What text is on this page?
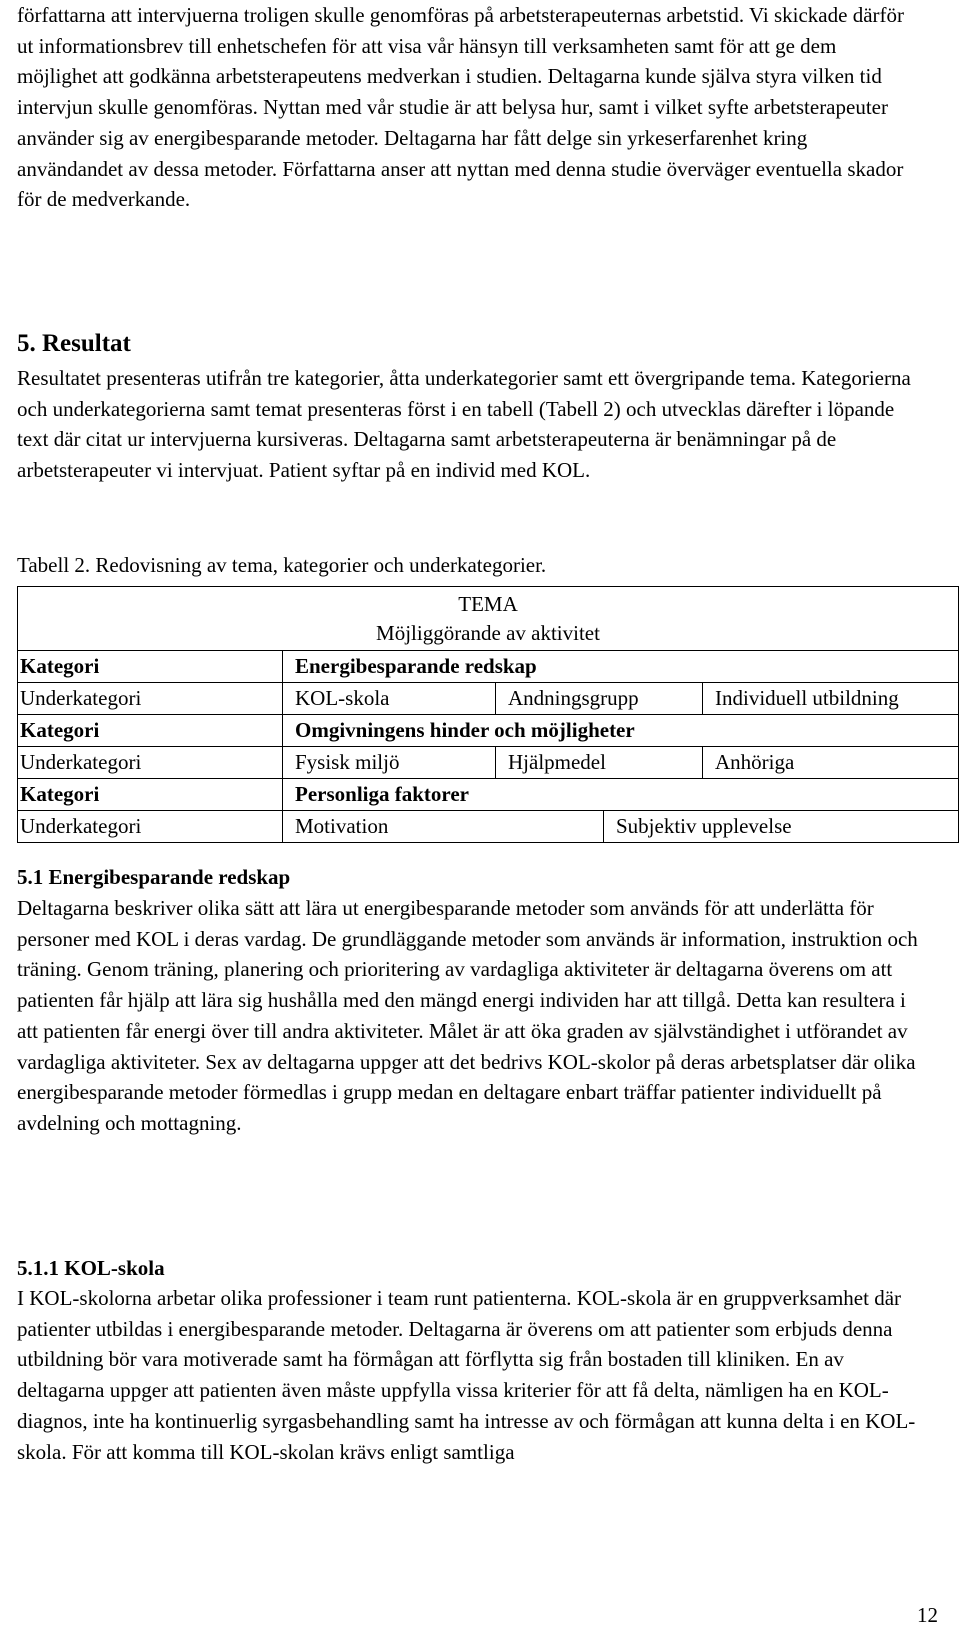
författarna att intervjuerna troligen skulle genomföras på arbetsterapeuternas arbetstid. Vi skickade därför ut informationsbrev till enhetschefen för att visa vår hänsyn till verksamheten samt för att ge dem möjlighet att godkänna arbetsterapeutens medverkan i studien. Deltagarna kunde själva styra vilken tid intervjun skulle genomföras. Nyttan med vår studie är att belysa hur, samt i vilket syfte arbetsterapeuter använder sig av energibesparande metoder. Deltagarna har fått delge sin yrkeserfarenhet kring användandet av dessa metoder. Författarna anser att nyttan med denna studie överväger eventuella skador för de medverkande.

5. Resultat

Resultatet presenteras utifrån tre kategorier, åtta underkategorier samt ett övergripande tema. Kategorierna och underkategorierna samt temat presenteras först i en tabell (Tabell 2) och utvecklas därefter i löpande text där citat ur intervjuerna kursiveras. Deltagarna samt arbetsterapeuterna är benämningar på de arbetsterapeuter vi intervjuat. Patient syftar på en individ med KOL.

Tabell 2. Redovisning av tema, kategorier och underkategorier.

TEMA
Möjliggörande av aktivitet
Kategori	Energibesparande redskap
Underkategori	KOL-skola	Andningsgrupp	Individuell utbildning
Kategori	Omgivningens hinder och möjligheter
Underkategori	Fysisk miljö	Hjälpmedel	Anhöriga
Kategori	Personliga faktorer
Underkategori	Motivation	Subjektiv upplevelse
5.1 Energibesparande redskap

Deltagarna beskriver olika sätt att lära ut energibesparande metoder som används för att underlätta för personer med KOL i deras vardag. De grundläggande metoder som används är information, instruktion och träning. Genom träning, planering och prioritering av vardagliga aktiviteter är deltagarna överens om att patienten får hjälp att lära sig hushålla med den mängd energi individen har att tillgå. Detta kan resultera i att patienten får energi över till andra aktiviteter. Målet är att öka graden av självständighet i utförandet av vardagliga aktiviteter. Sex av deltagarna uppger att det bedrivs KOL-skolor på deras arbetsplatser där olika energibesparande metoder förmedlas i grupp medan en deltagare enbart träffar patienter individuellt på avdelning och mottagning.

5.1.1 KOL-skola

I KOL-skolorna arbetar olika professioner i team runt patienterna. KOL-skola är en gruppverksamhet där patienter utbildas i energibesparande metoder. Deltagarna är överens om att patienter som erbjuds denna utbildning bör vara motiverade samt ha förmågan att förflytta sig från bostaden till kliniken. En av deltagarna uppger att patienten även måste uppfylla vissa kriterier för att få delta, nämligen ha en KOL-diagnos, inte ha kontinuerlig syrgasbehandling samt ha intresse av och förmågan att kunna delta i en KOL-skola. För att komma till KOL-skolan krävs enligt samtliga

12
